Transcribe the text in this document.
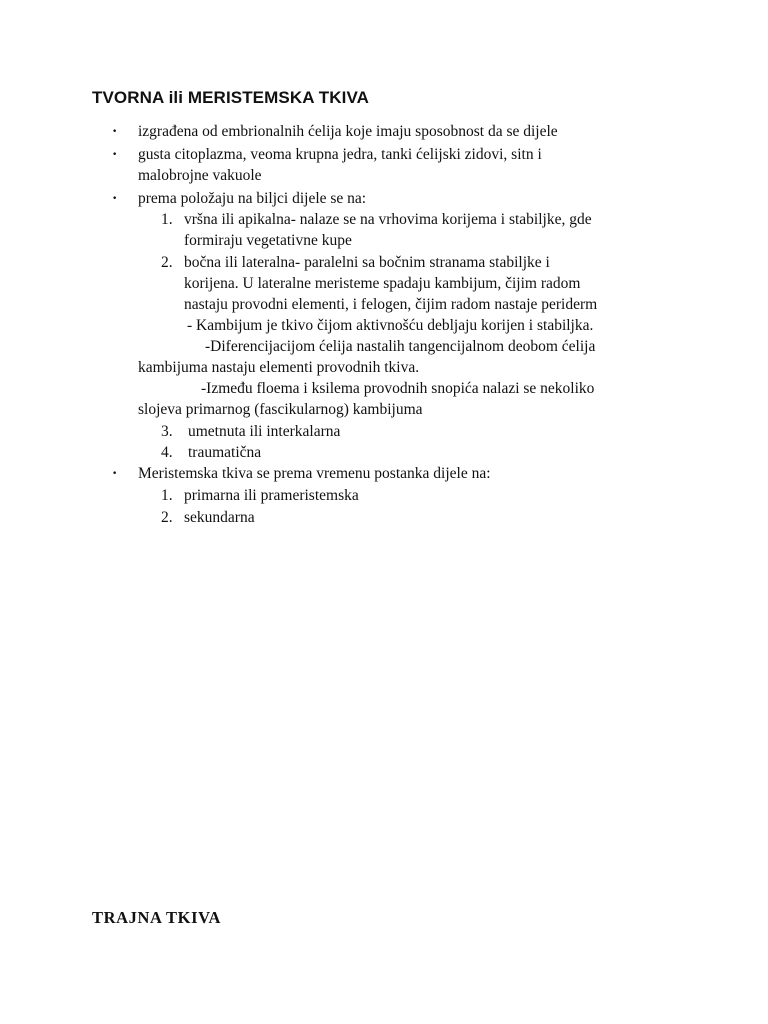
TVORNA ili MERISTEMSKA TKIVA
• izgrađena od embrionalnih ćelija koje imaju sposobnost da se dijele
• gusta citoplazma, veoma krupna jedra, tanki ćelijski zidovi, sitn i
malobrojne vakuole
• prema položaju na biljci dijele se na:
1. vršna ili apikalna- nalaze se na vrhovima korijema i stabiljke, gde
formiraju vegetativne kupe
2. bočna ili lateralna- paralelni sa bočnim stranama stabiljke i
korijena. U lateralne meristeme spadaju kambijum, čijim radom
nastaju provodni elementi, i felogen, čijim radom nastaje periderm
- Kambijum je tkivo čijom aktivnošću debljaju korijen i stabiljka.
-Diferencijacijom ćelija nastalih tangencijalnom deobom ćelija
kambijuma nastaju elementi provodnih tkiva.
-Između floema i ksilema provodnih snopića nalazi se nekoliko
slojeva primarnog (fascikularnog) kambijuma
3. umetnuta ili interkalarna
4. traumatična
• Meristemska tkiva se prema vremenu postanka dijele na:
1. primarna ili prameristemska
2. sekundarna
TRAJNA TKIVA
